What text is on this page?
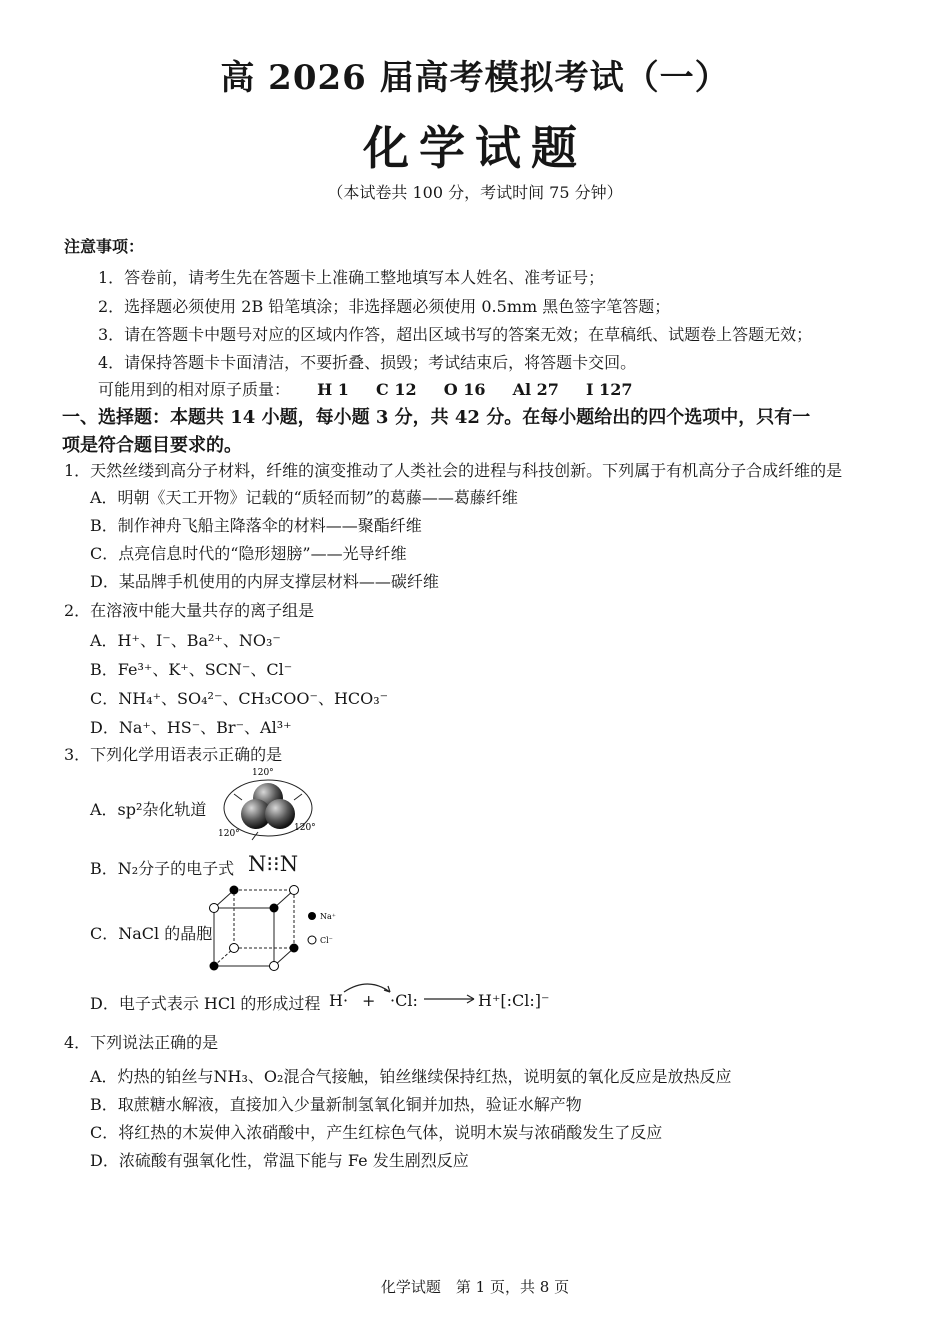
高 2026 届高考模拟考试（一）
化学试题
（本试卷共 100 分，考试时间 75 分钟）
注意事项：
1．答卷前，请考生先在答题卡上准确工整地填写本人姓名、准考证号；
2．选择题必须使用 2B 铅笔填涂；非选择题必须使用 0.5mm 黑色签字笔答题；
3．请在答题卡中题号对应的区域内作答，超出区域书写的答案无效；在草稿纸、试题卷上答题无效；
4．请保持答题卡卡面清洁，不要折叠、损毁；考试结束后，将答题卡交回。
可能用到的相对原子质量： H 1 C 12 O 16 Al 27 I 127
一、选择题：本题共 14 小题，每小题 3 分，共 42 分。在每小题给出的四个选项中，只有一
项是符合题目要求的。
1．天然丝缕到高分子材料，纤维的演变推动了人类社会的进程与科技创新。下列属于有机高分子合成纤维的是
A．明朝《天工开物》记载的“质轻而韧”的葛藤——葛藤纤维
B．制作神舟飞船主降落伞的材料——聚酯纤维
C．点亮信息时代的“隐形翅膀”——光导纤维
D．某品牌手机使用的内屏支撑层材料——碳纤维
2．在溶液中能大量共存的离子组是
A．H⁺、I⁻、Ba²⁺、NO₃⁻
B．Fe³⁺、K⁺、SCN⁻、Cl⁻
C．NH₄⁺、SO₄²⁻、CH₃COO⁻、HCO₃⁻
D．Na⁺、HS⁻、Br⁻、Al³⁺
3．下列化学用语表示正确的是
A．sp²杂化轨道
120°
120°
120°
B．N₂分子的电子式 N⁝⁝N
C．NaCl 的晶胞
Na⁺
Cl⁻
D．电子式表示 HCl 的形成过程 H· + ·Cl:	H⁺[:Cl:]⁻
4．下列说法正确的是
A．灼热的铂丝与NH₃、O₂混合气接触，铂丝继续保持红热，说明氨的氧化反应是放热反应
B．取蔗糖水解液，直接加入少量新制氢氧化铜并加热，验证水解产物
C．将红热的木炭伸入浓硝酸中，产生红棕色气体，说明木炭与浓硝酸发生了反应
D．浓硫酸有强氧化性，常温下能与 Fe 发生剧烈反应
化学试题　第 1 页，共 8 页
